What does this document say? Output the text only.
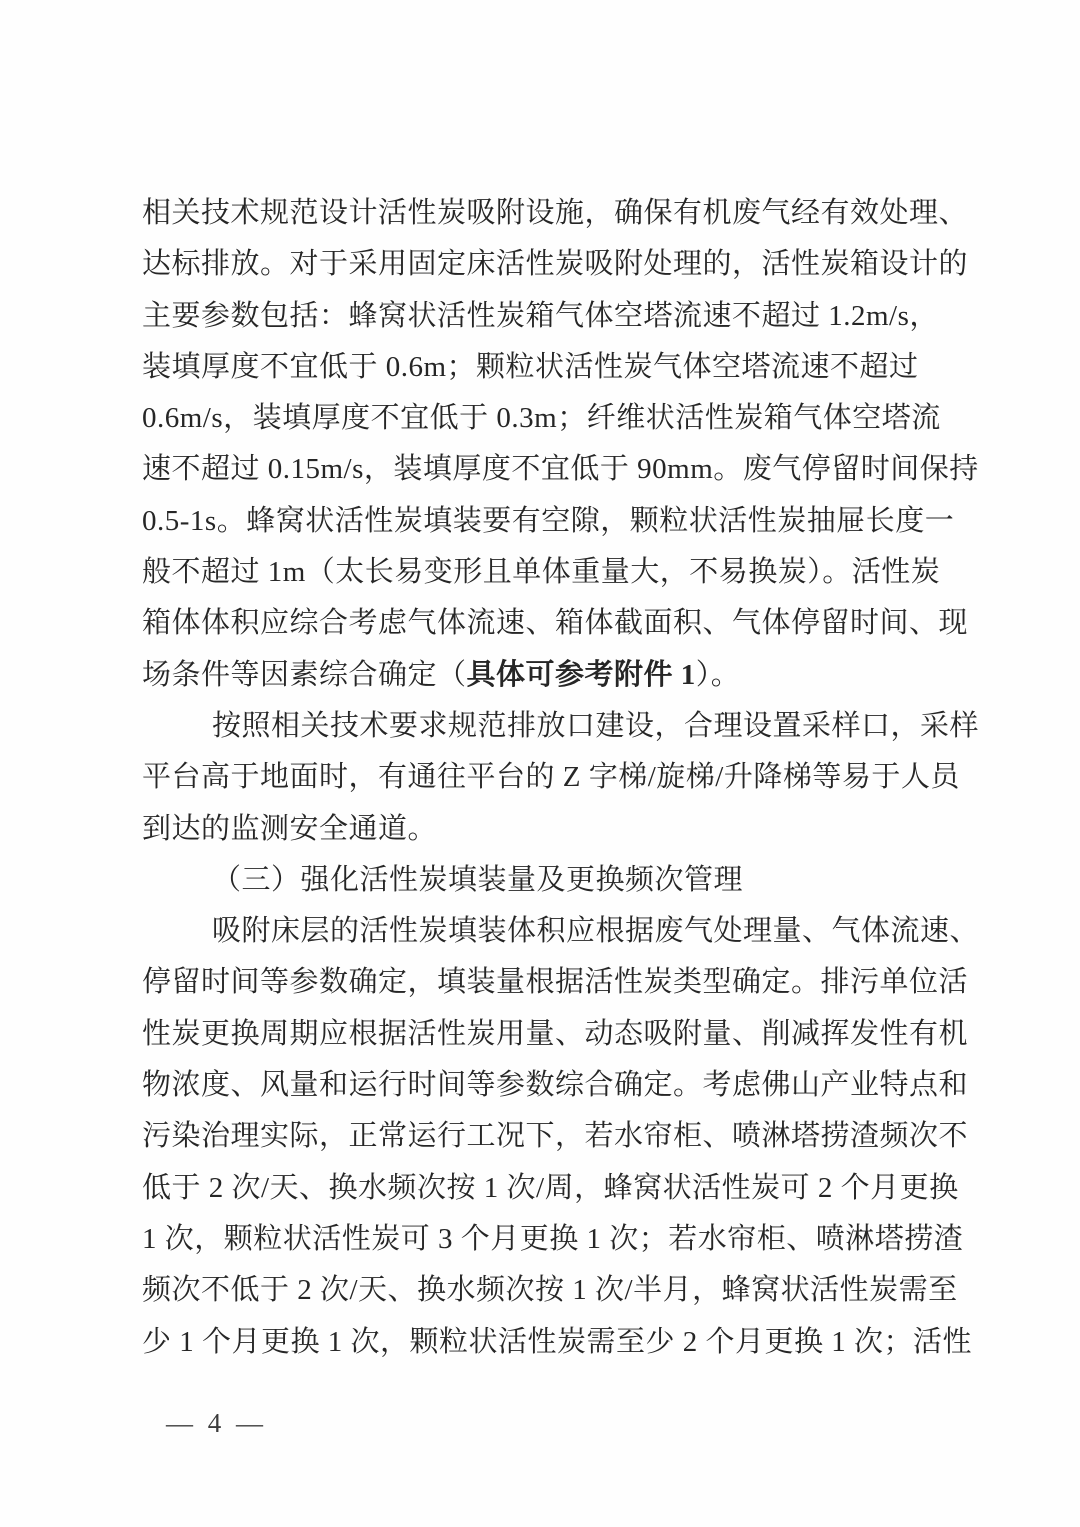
相关技术规范设计活性炭吸附设施，确保有机废气经有效处理、
达标排放。对于采用固定床活性炭吸附处理的，活性炭箱设计的
主要参数包括：蜂窝状活性炭箱气体空塔流速不超过 1.2m/s，
装填厚度不宜低于 0.6m；颗粒状活性炭气体空塔流速不超过
0.6m/s，装填厚度不宜低于 0.3m；纤维状活性炭箱气体空塔流
速不超过 0.15m/s，装填厚度不宜低于 90mm。废气停留时间保持
0.5-1s。蜂窝状活性炭填装要有空隙，颗粒状活性炭抽屉长度一
般不超过 1m（太长易变形且单体重量大，不易换炭）。活性炭
箱体体积应综合考虑气体流速、箱体截面积、气体停留时间、现
场条件等因素综合确定（具体可参考附件 1）。
按照相关技术要求规范排放口建设，合理设置采样口，采样
平台高于地面时，有通往平台的 Z 字梯/旋梯/升降梯等易于人员
到达的监测安全通道。
（三）强化活性炭填装量及更换频次管理
吸附床层的活性炭填装体积应根据废气处理量、气体流速、
停留时间等参数确定，填装量根据活性炭类型确定。排污单位活
性炭更换周期应根据活性炭用量、动态吸附量、削减挥发性有机
物浓度、风量和运行时间等参数综合确定。考虑佛山产业特点和
污染治理实际，正常运行工况下，若水帘柜、喷淋塔捞渣频次不
低于 2 次/天、换水频次按 1 次/周，蜂窝状活性炭可 2 个月更换
1 次，颗粒状活性炭可 3 个月更换 1 次；若水帘柜、喷淋塔捞渣
频次不低于 2 次/天、换水频次按 1 次/半月，蜂窝状活性炭需至
少 1 个月更换 1 次，颗粒状活性炭需至少 2 个月更换 1 次；活性
— 4 —
